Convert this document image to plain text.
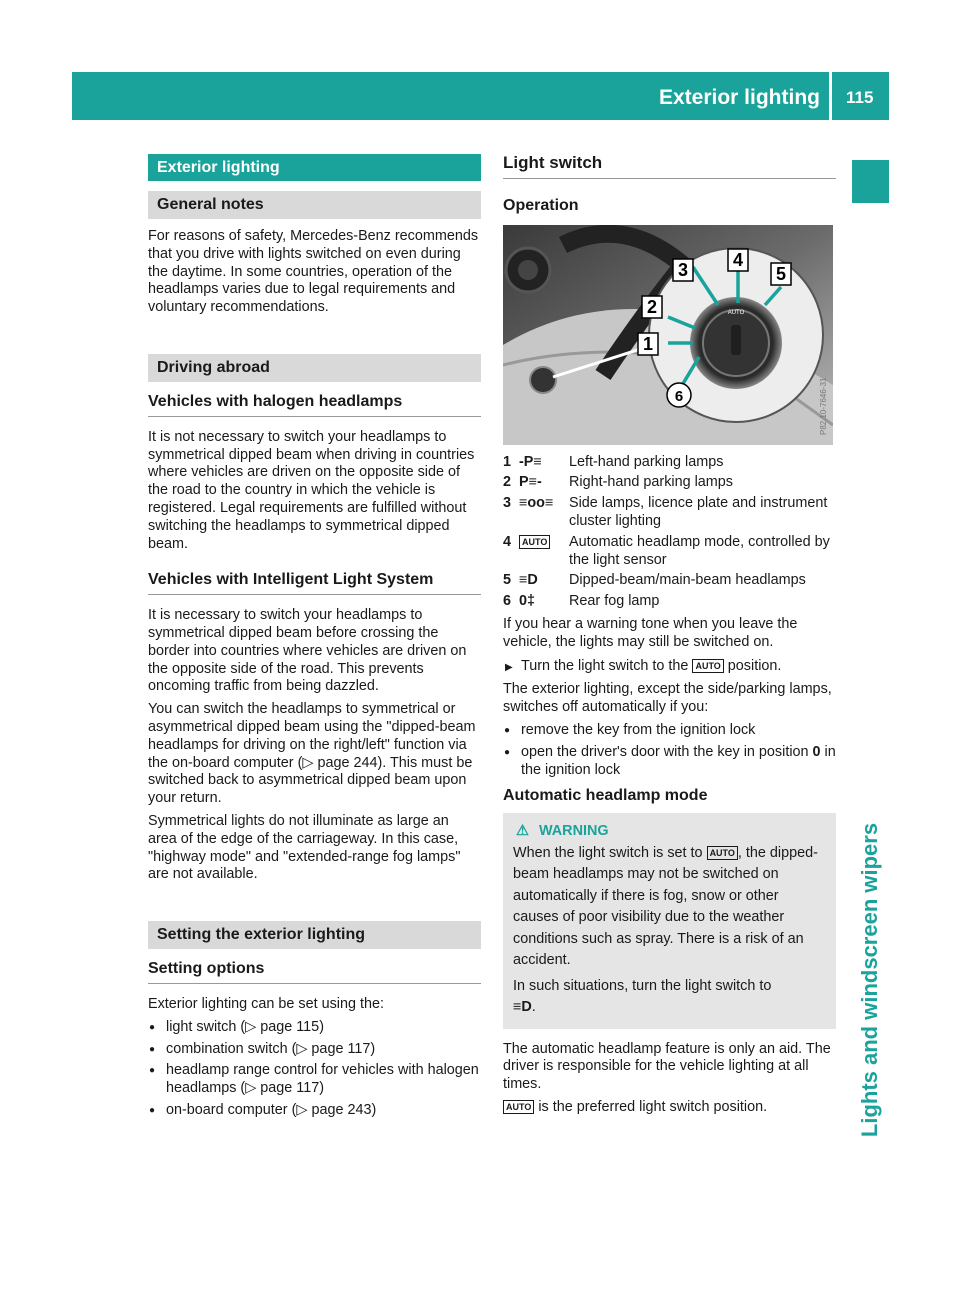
Exterior lighting 115
Lights and windscreen wipers
Exterior lighting
General notes

For reasons of safety, Mercedes-Benz recommends that you drive with lights switched on even during the daytime. In some countries, operation of the headlamps varies due to legal requirements and voluntary recommendations.

Driving abroad
Vehicles with halogen headlamps

It is not necessary to switch your headlamps to symmetrical dipped beam when driving in countries where vehicles are driven on the opposite side of the road to the country in which the vehicle is registered. Legal requirements are fulfilled without switching the headlamps to symmetrical dipped beam.

Vehicles with Intelligent Light System

It is necessary to switch your headlamps to symmetrical dipped beam before crossing the border into countries where vehicles are driven on the opposite side of the road. This prevents oncoming traffic from being dazzled.

You can switch the headlamps to symmetrical or asymmetrical dipped beam using the "dipped-beam headlamps for driving on the right/left" function via the on-board computer (▷ page 244). This must be switched back to asymmetrical dipped beam upon your return.

Symmetrical lights do not illuminate as large an area of the edge of the carriageway. In this case, "highway mode" and "extended-range fog lamps" are not available.

Setting the exterior lighting
Setting options

Exterior lighting can be set using the:

● light switch (▷ page 115)
● combination switch (▷ page 117)
● headlamp range control for vehicles with halogen headlamps (▷ page 117)
● on-board computer (▷ page 243)
Light switch
Operation
AUTO
3 4
5
2
1
6	P82.10-7646-31
1 -P≡	Left-hand parking lamps
2 P≡-	Right-hand parking lamps
3 ≡oo≡	Side lamps, licence plate and instrument cluster lighting
4	AUTO	Automatic headlamp mode, controlled by the light sensor
5 ≡D	Dipped-beam/main-beam headlamps
6 0‡	Rear fog lamp

If you hear a warning tone when you leave the vehicle, the lights may still be switched on.

▶ Turn the light switch to the AUTO position.

The exterior lighting, except the side/parking lamps, switches off automatically if you:

● remove the key from the ignition lock
● open the driver's door with the key in position 0 in the ignition lock
Automatic headlamp mode
⚠ WARNING

When the light switch is set to AUTO , the dipped-beam headlamps may not be switched on automatically if there is fog, snow or other causes of poor visibility due to the weather conditions such as spray. There is a risk of an accident.

In such situations, turn the light switch to
≡D.

The automatic headlamp feature is only an aid. The driver is responsible for the vehicle lighting at all times.

AUTO is the preferred light switch position.
